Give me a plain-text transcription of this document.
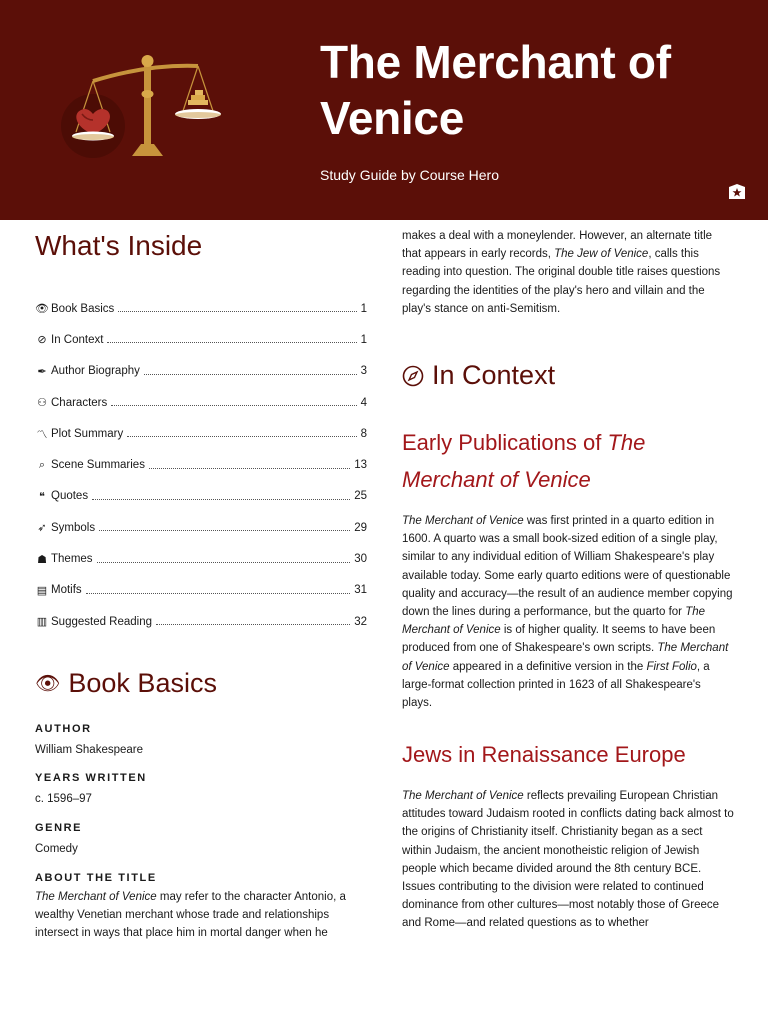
The Merchant of Venice
Study Guide by Course Hero
What's Inside
👁 Book Basics	1
⊘ In Context	1
✒ Author Biography	3
⚇ Characters	4
〽 Plot Summary	8
⌕ Scene Summaries	13
❝ Quotes	25
➶ Symbols	29
☗ Themes	30
▤ Motifs	31
▥ Suggested Reading	32
👁 Book Basics
AUTHOR
William Shakespeare
YEARS WRITTEN
c. 1596–97
GENRE
Comedy
ABOUT THE TITLE
The Merchant of Venice may refer to the character Antonio, a wealthy Venetian merchant whose trade and relationships intersect in ways that place him in mortal danger when he
makes a deal with a moneylender. However, an alternate title that appears in early records, The Jew of Venice, calls this reading into question. The original double title raises questions regarding the identities of the play's hero and villain and the play's stance on anti-Semitism.
In Context
Early Publications of The Merchant of Venice
The Merchant of Venice was first printed in a quarto edition in 1600. A quarto was a small book-sized edition of a single play, similar to any individual edition of William Shakespeare's play available today. Some early quarto editions were of questionable quality and accuracy—the result of an audience member copying down the lines during a performance, but the quarto for The Merchant of Venice is of higher quality. It seems to have been produced from one of Shakespeare's own scripts. The Merchant of Venice appeared in a definitive version in the First Folio, a large-format collection printed in 1623 of all Shakespeare's plays.
Jews in Renaissance Europe
The Merchant of Venice reflects prevailing European Christian attitudes toward Judaism rooted in conflicts dating back almost to the origins of Christianity itself. Christianity began as a sect within Judaism, the ancient monotheistic religion of Jewish people which became divided around the 8th century BCE. Issues contributing to the division were related to continued dominance from other cultures—most notably those of Greece and Rome—and related questions as to whether
